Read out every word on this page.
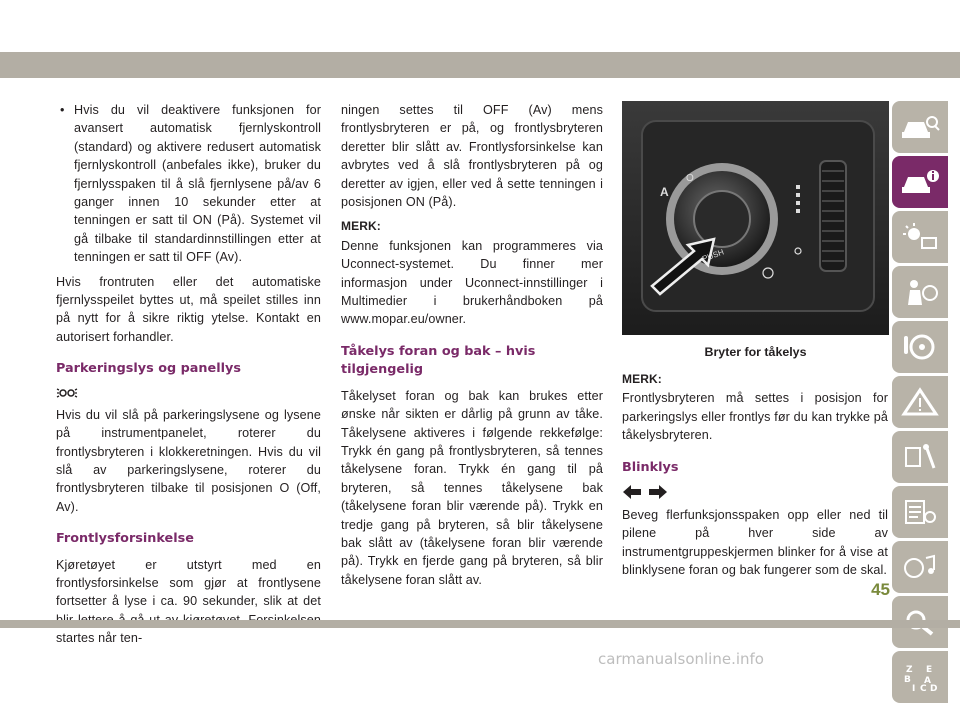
• Hvis du vil deaktivere funksjonen for avansert automatisk fjernlyskontroll (standard) og aktivere redusert automatisk fjernlyskontroll (anbefales ikke), bruker du fjernlysspaken til å slå fjernlysene på/av 6 ganger innen 10 sekunder etter at tenningen er satt til ON (På). Systemet vil gå tilbake til standardinnstillingen etter at tenningen er satt til OFF (Av).

Hvis frontruten eller det automatiske fjernlysspeilet byttes ut, må speilet stilles inn på nytt for å sikre riktig ytelse. Kontakt en autorisert forhandler.

Parkeringslys og panellys

Hvis du vil slå på parkeringslysene og lysene på instrumentpanelet, roterer du frontlysbryteren i klokkeretningen. Hvis du vil slå av parkeringslysene, roterer du frontlysbryteren tilbake til posisjonen O (Off, Av).

Frontlysforsinkelse

Kjøretøyet er utstyrt med en frontlysforsinkelse som gjør at frontlysene fortsetter å lyse i ca. 90 sekunder, slik at det startes når ten-

ningen settes til OFF (Av) mens frontlysbryteren er på, og frontlysbryteren deretter blir slått av. Frontlysforsinkelse kan avbrytes ved å slå frontlysbryteren på og deretter av igjen, eller ved å sette tenningen i posisjonen ON (På).

MERK:

Denne funksjonen kan programmeres via Uconnect-systemet. Du finner mer informasjon under Uconnect-innstillinger i Multimedier i brukerhåndboken på www.mopar.eu/owner.

Tåkelys foran og bak – hvis tilgjengelig

Tåkelyset foran og bak kan brukes etter ønske når sikten er dårlig på grunn av tåke. Tåkelysene aktiveres i følgende rekkefølge: Trykk én gang på frontlysbryteren, så tennes tåkelysene foran. Trykk én gang til på bryteren, så tennes tåkelysene bak (tåkelysene foran blir værende på). Trykk en tredje gang på bryteren, så blir tåkelysene bak slått av (tåkelysene foran blir værende på). Trykk en fjerde gang på bryteren, så blir tåkelysene foran slått av.

A
O
PUSH
Bryter for tåkelys
MERK:

Frontlysbryteren må settes i posisjon for parkeringslys eller frontlys før du kan trykke på tåkelysbryteren.

Blinklys

Beveg flerfunksjonsspaken opp eller ned til pilene på hver side av instrumentgruppeskjermen blinker for å vise at blinklysene foran og bak fungerer som de skal.

Z E
B A
I C D
45
carmanualsonline.info
